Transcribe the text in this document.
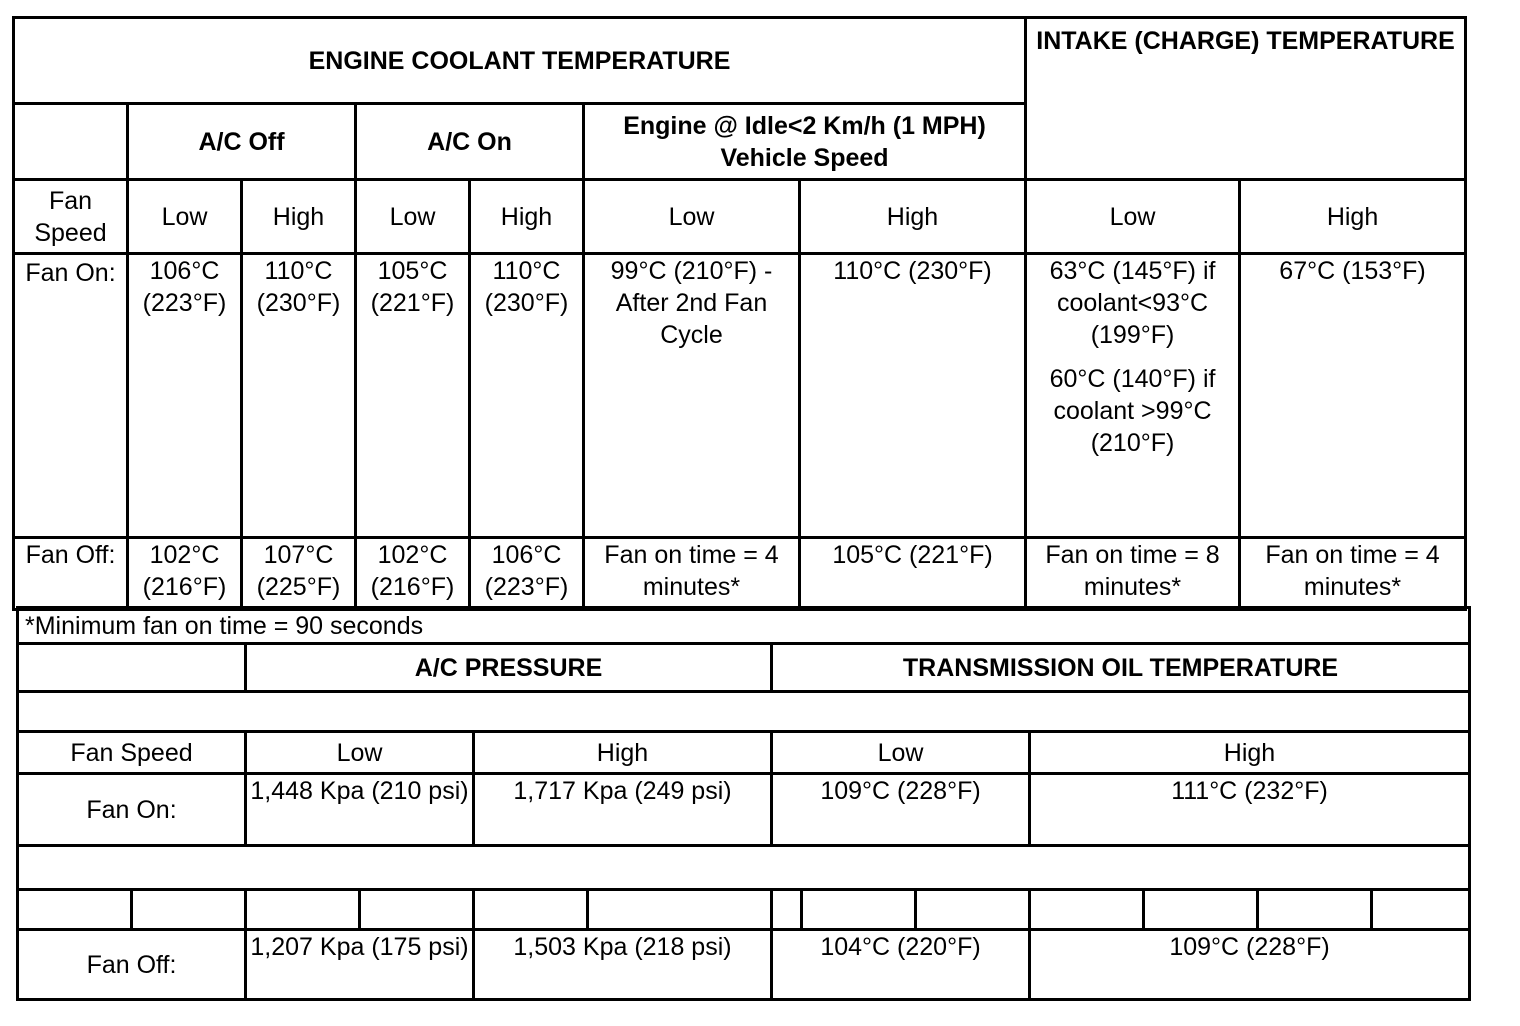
ENGINE COOLANT TEMPERATURE							INTAKE (CHARGE) TEMPERATURE	
	A/C Off		A/C On		Engine @ Idle<2 Km/h (1 MPH) Vehicle Speed			
Fan Speed	Low	High	Low	High	Low	High	Low	High
Fan On:	106°C (223°F)	110°C (230°F)	105°C (221°F)	110°C (230°F)	99°C (210°F) - After 2nd Fan Cycle	110°C (230°F)	63°C (145°F) if coolant<93°C (199°F)
60°C (140°F) if coolant >99°C (210°F)	67°C (153°F)
Fan Off:	102°C (216°F)	107°C (225°F)	102°C (216°F)	106°C (223°F)	Fan on time = 4 minutes*	105°C (221°F)	Fan on time = 8 minutes*	Fan on time = 4 minutes*
*Minimum fan on time = 90 seconds												
		A/C PRESSURE				TRANSMISSION OIL TEMPERATURE						

Fan Speed		Low		High		Low			High			
Fan On:		1,448 Kpa (210 psi)		1,717 Kpa (249 psi)		109°C (228°F)			111°C (232°F)			

Fan Off:		1,207 Kpa (175 psi)		1,503 Kpa (218 psi)		104°C (220°F)			109°C (228°F)			
